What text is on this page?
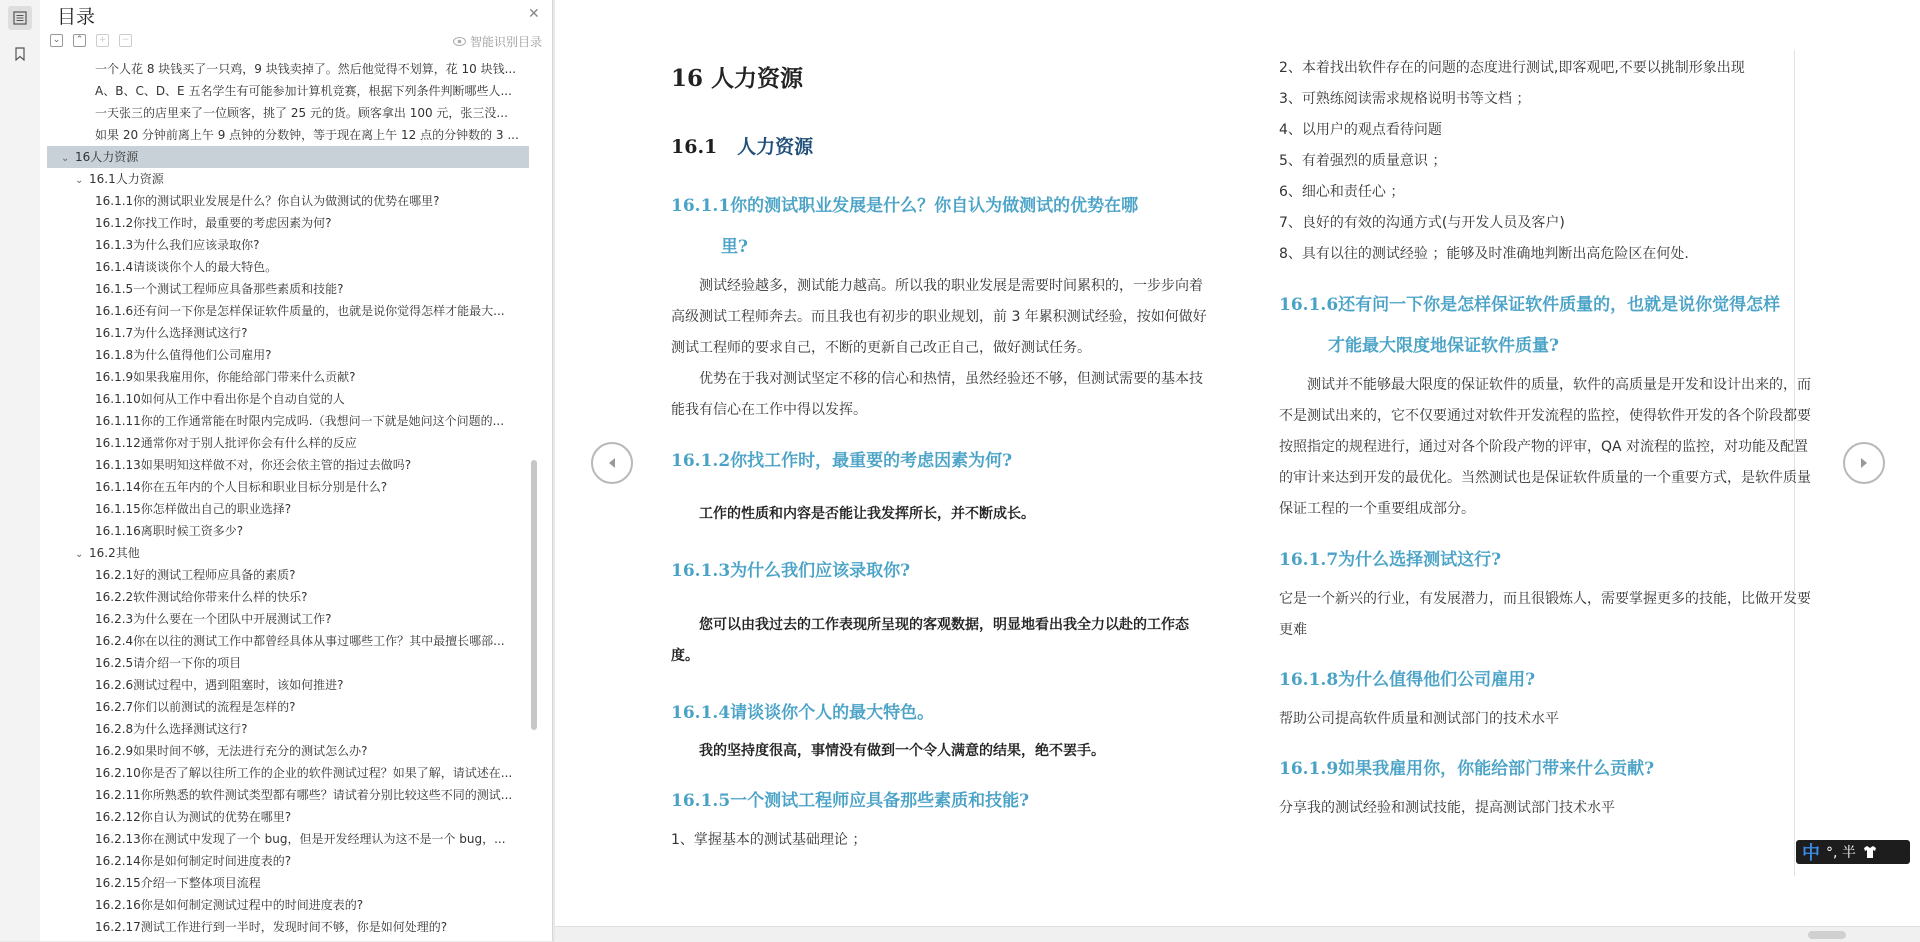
目录	✕
⌄	⌃	+	−	智能识别目录
一个人花 8 块钱买了一只鸡，9 块钱卖掉了。然后他觉得不划算，花 10 块钱...
A、B、C、D、E 五名学生有可能参加计算机竞赛，根据下列条件判断哪些人...
一天张三的店里来了一位顾客，挑了 25 元的货。顾客拿出 100 元，张三没...
如果 20 分钟前离上午 9 点钟的分数钟，等于现在离上午 12 点的分钟数的 3 ...
⌄ 16人力资源
⌄ 16.1人力资源
16.1.1你的测试职业发展是什么？你自认为做测试的优势在哪里?
16.1.2你找工作时，最重要的考虑因素为何?
16.1.3为什么我们应该录取你?
16.1.4请谈谈你个人的最大特色。
16.1.5一个测试工程师应具备那些素质和技能?
16.1.6还有问一下你是怎样保证软件质量的，也就是说你觉得怎样才能最大...
16.1.7为什么选择测试这行?
16.1.8为什么值得他们公司雇用?
16.1.9如果我雇用你，你能给部门带来什么贡献?
16.1.10如何从工作中看出你是个自动自觉的人
16.1.11你的工作通常能在时限内完成吗.（我想问一下就是她问这个问题的...
16.1.12通常你对于别人批评你会有什么样的反应
16.1.13如果明知这样做不对，你还会依主管的指过去做吗?
16.1.14你在五年内的个人目标和职业目标分别是什么?
16.1.15你怎样做出自己的职业选择?
16.1.16离职时候工资多少?
⌄ 16.2其他
16.2.1好的测试工程师应具备的素质?
16.2.2软件测试给你带来什么样的快乐?
16.2.3为什么要在一个团队中开展测试工作?
16.2.4你在以往的测试工作中都曾经具体从事过哪些工作？其中最擅长哪部...
16.2.5请介绍一下你的项目
16.2.6测试过程中，遇到阻塞时，该如何推进?
16.2.7你们以前测试的流程是怎样的?
16.2.8为什么选择测试这行?
16.2.9如果时间不够，无法进行充分的测试怎么办?
16.2.10你是否了解以往所工作的企业的软件测试过程？如果了解，请试述在...
16.2.11你所熟悉的软件测试类型都有哪些？请试着分别比较这些不同的测试...
16.2.12你自认为测试的优势在哪里?
16.2.13你在测试中发现了一个 bug，但是开发经理认为这不是一个 bug，...
16.2.14你是如何制定时间进度表的?
16.2.15介绍一下整体项目流程
16.2.16你是如何制定测试过程中的时间进度表的?
16.2.17测试工作进行到一半时，发现时间不够，你是如何处理的?
16 人力资源
16.1 人力资源
16.1.1你的测试职业发展是什么？你自认为做测试的优势在哪
里?
测试经验越多，测试能力越高。所以我的职业发展是需要时间累积的，一步步向着
高级测试工程师奔去。而且我也有初步的职业规划，前 3 年累积测试经验，按如何做好
测试工程师的要求自己，不断的更新自己改正自己，做好测试任务。
优势在于我对测试坚定不移的信心和热情，虽然经验还不够，但测试需要的基本技
能我有信心在工作中得以发挥。
16.1.2你找工作时，最重要的考虑因素为何?
工作的性质和内容是否能让我发挥所长，并不断成长。
16.1.3为什么我们应该录取你?
您可以由我过去的工作表现所呈现的客观数据，明显地看出我全力以赴的工作态
度。
16.1.4请谈谈你个人的最大特色。
我的坚持度很高，事情没有做到一个令人满意的结果，绝不罢手。
16.1.5一个测试工程师应具备那些素质和技能?
1、掌握基本的测试基础理论 ；
2、本着找出软件存在的问题的态度进行测试,即客观吧,不要以挑制形象出现
3、可熟练阅读需求规格说明书等文档 ；
4、以用户的观点看待问题
5、有着强烈的质量意识 ；
6、细心和责任心 ；
7、良好的有效的沟通方式(与开发人员及客户)
8、具有以往的测试经验 ；能够及时准确地判断出高危险区在何处.
16.1.6还有问一下你是怎样保证软件质量的，也就是说你觉得怎样
才能最大限度地保证软件质量?
测试并不能够最大限度的保证软件的质量，软件的高质量是开发和设计出来的，而
不是测试出来的，它不仅要通过对软件开发流程的监控，使得软件开发的各个阶段都要
按照指定的规程进行，通过对各个阶段产物的评审，QA 对流程的监控，对功能及配置
的审计来达到开发的最优化。当然测试也是保证软件质量的一个重要方式，是软件质量
保证工程的一个重要组成部分。
16.1.7为什么选择测试这行?
它是一个新兴的行业，有发展潜力，而且很锻炼人，需要掌握更多的技能，比做开发要
更难
16.1.8为什么值得他们公司雇用?
帮助公司提高软件质量和测试部门的技术水平
16.1.9如果我雇用你，你能给部门带来什么贡献?
分享我的测试经验和测试技能，提高测试部门技术水平
中 °, 半
